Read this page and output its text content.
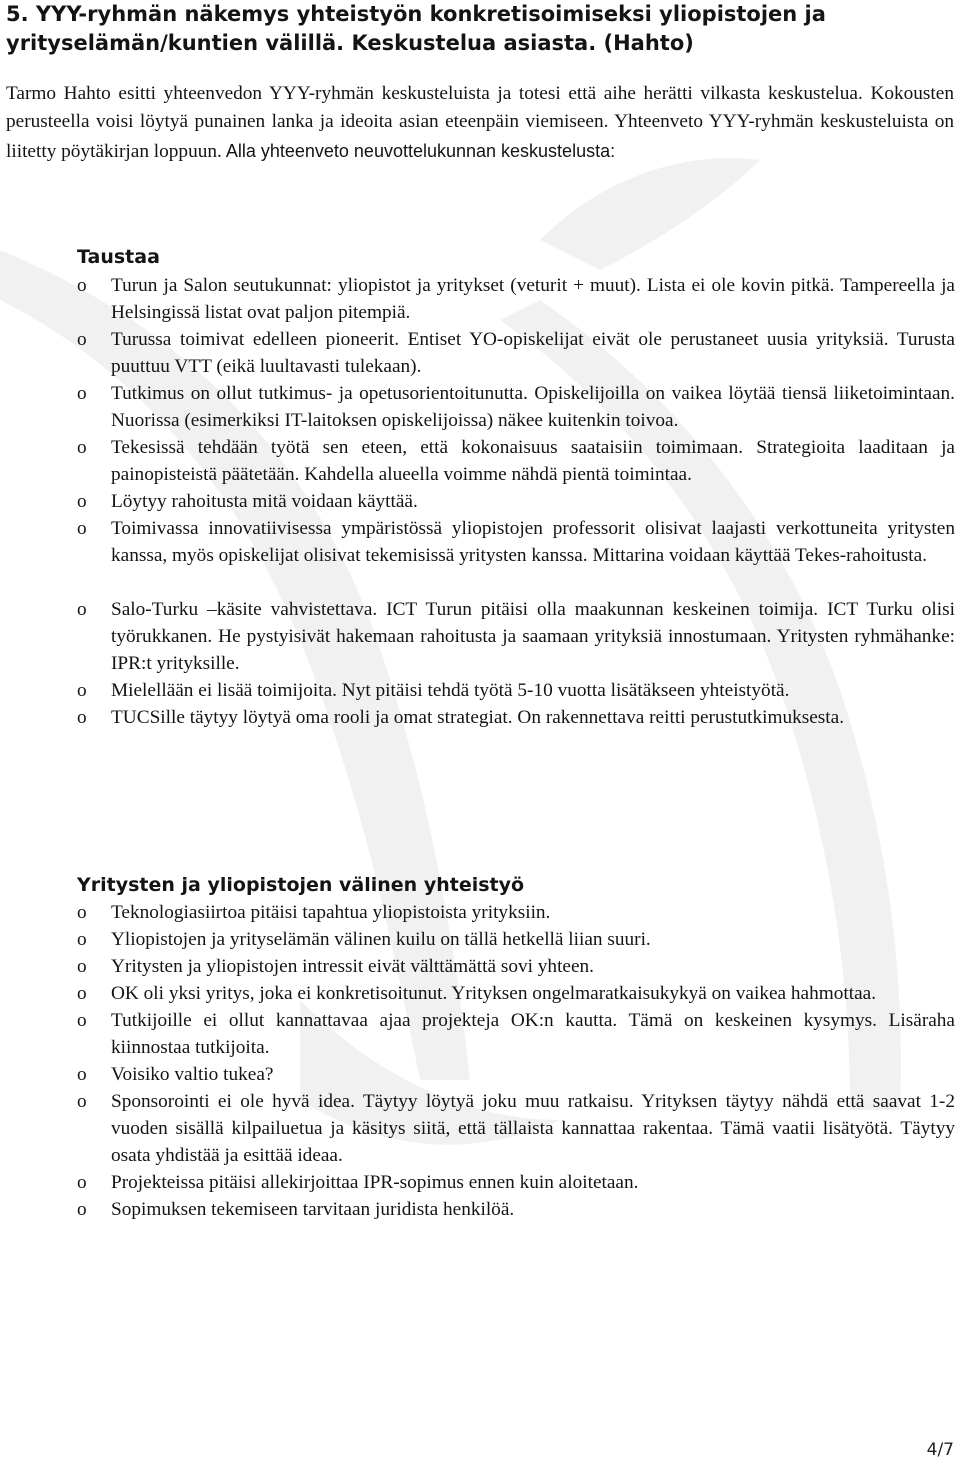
5. YYY-ryhmän näkemys yhteistyön konkretisoimiseksi yliopistojen ja yrityselämän/kuntien välillä. Keskustelua asiasta. (Hahto)

Tarmo Hahto esitti yhteenvedon YYY-ryhmän keskusteluista ja totesi että aihe herätti vilkasta keskustelua. Kokousten perusteella voisi löytyä punainen lanka ja ideoita asian eteenpäin viemiseen. Yhteenveto YYY-ryhmän keskusteluista on liitetty pöytäkirjan loppuun. Alla yhteenveto neuvottelukunnan keskustelusta:

Taustaa
o Turun ja Salon seutukunnat: yliopistot ja yritykset (veturit + muut). Lista ei ole kovin pitkä. Tampereella ja Helsingissä listat ovat paljon pitempiä.
o Turussa toimivat edelleen pioneerit. Entiset YO-opiskelijat eivät ole perustaneet uusia yrityksiä. Turusta puuttuu VTT (eikä luultavasti tulekaan).
o Tutkimus on ollut tutkimus- ja opetusorientoitunutta. Opiskelijoilla on vaikea löytää tiensä liiketoimintaan. Nuorissa (esimerkiksi IT-laitoksen opiskelijoissa) näkee kuitenkin toivoa.
o Tekesissä tehdään työtä sen eteen, että kokonaisuus saataisiin toimimaan. Strategioita laaditaan ja painopisteistä päätetään. Kahdella alueella voimme nähdä pientä toimintaa.
o Löytyy rahoitusta mitä voidaan käyttää.
o Toimivassa innovatiivisessa ympäristössä yliopistojen professorit olisivat laajasti verkottuneita yritysten kanssa, myös opiskelijat olisivat tekemisissä yritysten kanssa. Mittarina voidaan käyttää Tekes-rahoitusta.
o Salo-Turku –käsite vahvistettava. ICT Turun pitäisi olla maakunnan keskeinen toimija. ICT Turku olisi työrukkanen. He pystyisivät hakemaan rahoitusta ja saamaan yrityksiä innostumaan. Yritysten ryhmähanke: IPR:t yrityksille.
o Mielellään ei lisää toimijoita. Nyt pitäisi tehdä työtä 5-10 vuotta lisätäkseen yhteistyötä.
o TUCSille täytyy löytyä oma rooli ja omat strategiat. On rakennettava reitti perustutkimuksesta.
Yritysten ja yliopistojen välinen yhteistyö
o Teknologiasiirtoa pitäisi tapahtua yliopistoista yrityksiin.
o Yliopistojen ja yrityselämän välinen kuilu on tällä hetkellä liian suuri.
o Yritysten ja yliopistojen intressit eivät välttämättä sovi yhteen.
o OK oli yksi yritys, joka ei konkretisoitunut. Yrityksen ongelmaratkaisukykyä on vaikea hahmottaa.
o Tutkijoille ei ollut kannattavaa ajaa projekteja OK:n kautta. Tämä on keskeinen kysymys. Lisäraha kiinnostaa tutkijoita.
o Voisiko valtio tukea?
o Sponsorointi ei ole hyvä idea. Täytyy löytyä joku muu ratkaisu. Yrityksen täytyy nähdä että saavat 1-2 vuoden sisällä kilpailuetua ja käsitys siitä, että tällaista kannattaa rakentaa. Tämä vaatii lisätyötä. Täytyy osata yhdistää ja esittää ideaa.
o Projekteissa pitäisi allekirjoittaa IPR-sopimus ennen kuin aloitetaan.
o Sopimuksen tekemiseen tarvitaan juridista henkilöä.
4/7
